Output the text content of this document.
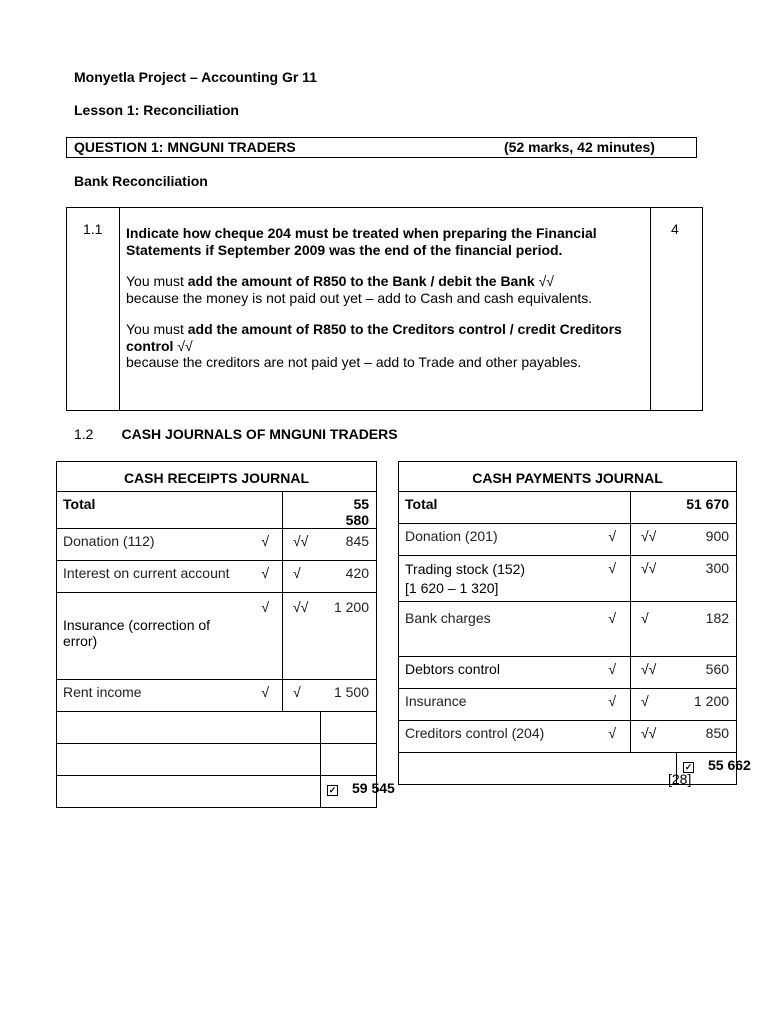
Monyetla Project – Accounting Gr 11
Lesson 1: Reconciliation
QUESTION 1: MNGUNI TRADERS	(52 marks, 42 minutes)
Bank Reconciliation
1.1	4

Indicate how cheque 204 must be treated when preparing the Financial Statements if September 2009 was the end of the financial period.

You must add the amount of R850 to the Bank / debit the Bank √√
because the money is not paid out yet – add to Cash and cash equivalents.

You must add the amount of R850 to the Creditors control / credit Creditors control √√
because the creditors are not paid yet – add to Trade and other payables.

1.2 CASH JOURNALS OF MNGUNI TRADERS
CASH RECEIPTS JOURNAL			
Total			55 580
Donation (112)	√	√√	845
Interest on current account	√	√	420
Insurance (correction of error)	√	√√	1 200
Rent income	√	√	1 500

			✓ 59 545
CASH PAYMENTS JOURNAL			
Total			51 670
Donation (201)	√	√√	900
Trading stock (152)
[1 620 – 1 320]	√	√√	300
Bank charges	√	√	182
Debtors control	√	√√	560
Insurance	√	√	1 200
Creditors control (204)	√	√√	850
			✓ 55 662
[28]
